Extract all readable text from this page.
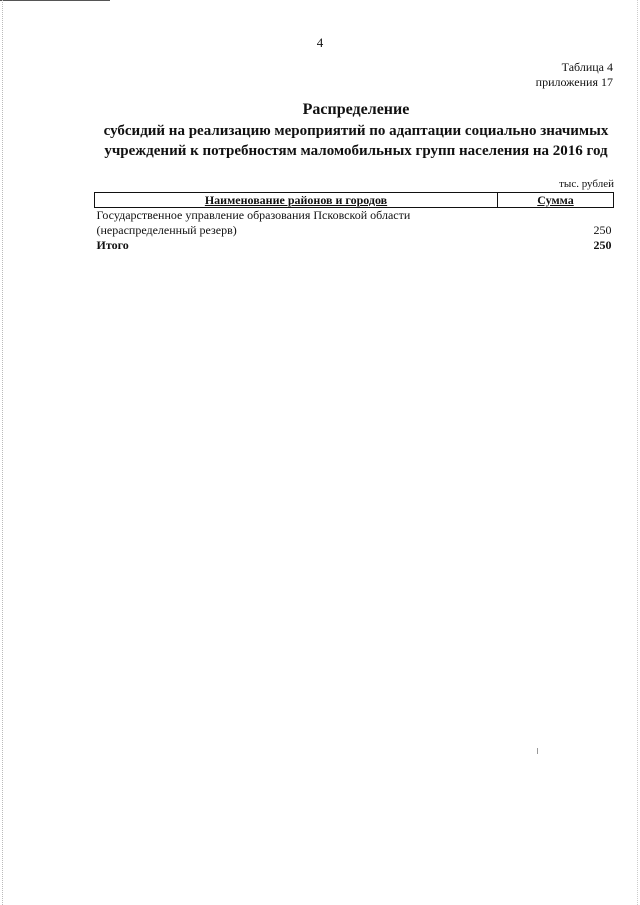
4
Таблица 4
приложения 17
Распределение
субсидий на реализацию мероприятий по адаптации социально значимых
учреждений к потребностям маломобильных групп населения на 2016 год
тыс. рублей
Наименование районов и городов	Сумма
Государственное управление образования Псковской области	
(нераспределенный резерв)	250
Итого	250
